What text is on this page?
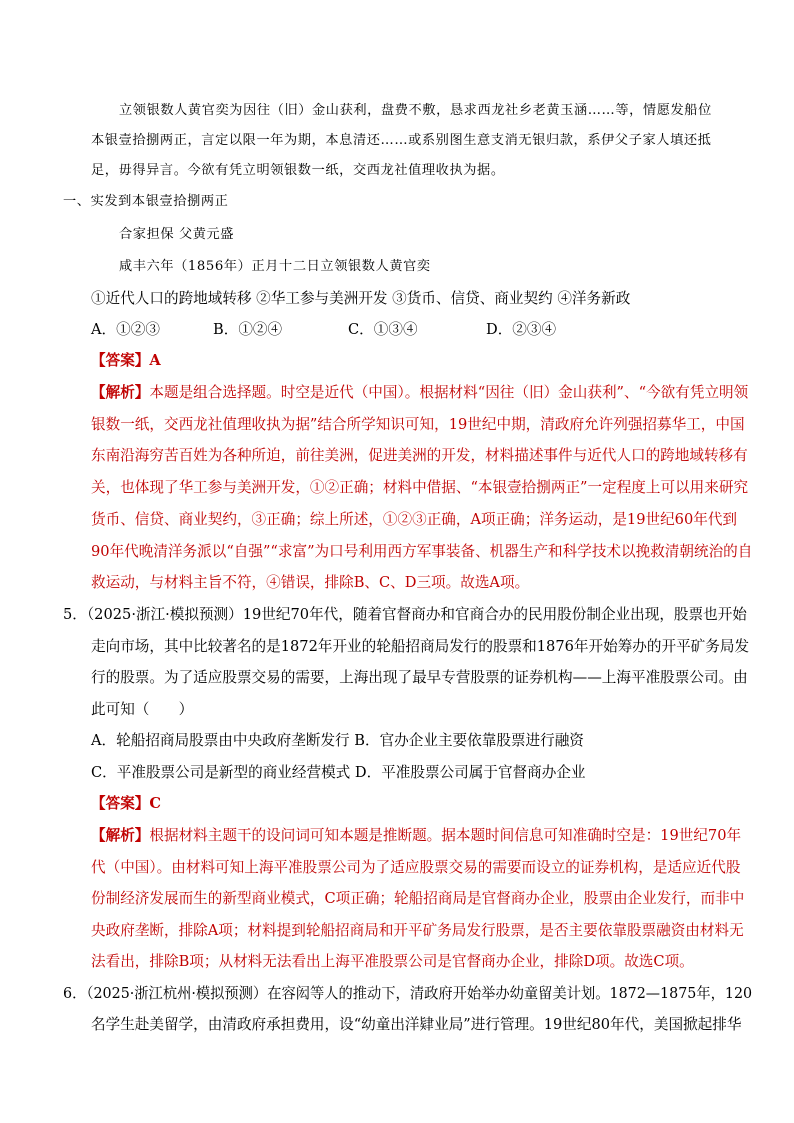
立领银数人黄官奕为因往（旧）金山获利，盘费不敷，恳求西龙社乡老黄玉涵……等，情愿发船位
本银壹拾捌两正，言定以限一年为期，本息清还……或系别图生意支消无银归款，系伊父子家人填还抵
足，毋得异言。今欲有凭立明领银数一纸，交西龙社值理收执为据。
一、实发到本银壹拾捌两正
合家担保 父黄元盛
咸丰六年（1856年）正月十二日立领银数人黄官奕
①近代人口的跨地域转移 ②华工参与美洲开发 ③货币、信贷、商业契约 ④洋务新政
A．①②③	B．①②④	C．①③④	D．②③④
【答案】A
【解析】本题是组合选择题。时空是近代（中国）。根据材料“因往（旧）金山获利”、“今欲有凭立明领
银数一纸，交西龙社值理收执为据”结合所学知识可知，19世纪中期，清政府允许列强招募华工，中国
东南沿海穷苦百姓为各种所迫，前往美洲，促进美洲的开发，材料描述事件与近代人口的跨地域转移有
关，也体现了华工参与美洲开发，①②正确；材料中借据、“本银壹拾捌两正”一定程度上可以用来研究
货币、信贷、商业契约，③正确；综上所述，①②③正确，A项正确；洋务运动，是19世纪60年代到
90年代晚清洋务派以“自强”“求富”为口号利用西方军事装备、机器生产和科学技术以挽救清朝统治的自
救运动，与材料主旨不符，④错误，排除B、C、D三项。故选A项。
5．（2025·浙江·模拟预测）19世纪70年代，随着官督商办和官商合办的民用股份制企业出现，股票也开始
走向市场，其中比较著名的是1872年开业的轮船招商局发行的股票和1876年开始筹办的开平矿务局发
行的股票。为了适应股票交易的需要，上海出现了最早专营股票的证券机构——上海平准股票公司。由
此可知（　　）
A．轮船招商局股票由中央政府垄断发行 B．官办企业主要依靠股票进行融资
C．平准股票公司是新型的商业经营模式 D．平准股票公司属于官督商办企业
【答案】C
【解析】根据材料主题干的设问词可知本题是推断题。据本题时间信息可知准确时空是：19世纪70年
代（中国）。由材料可知上海平准股票公司为了适应股票交易的需要而设立的证券机构，是适应近代股
份制经济发展而生的新型商业模式，C项正确；轮船招商局是官督商办企业，股票由企业发行，而非中
央政府垄断，排除A项；材料提到轮船招商局和开平矿务局发行股票，是否主要依靠股票融资由材料无
法看出，排除B项；从材料无法看出上海平准股票公司是官督商办企业，排除D项。故选C项。
6．（2025·浙江杭州·模拟预测）在容闳等人的推动下，清政府开始举办幼童留美计划。1872—1875年，120
名学生赴美留学，由清政府承担费用，设“幼童出洋肄业局”进行管理。19世纪80年代，美国掀起排华
